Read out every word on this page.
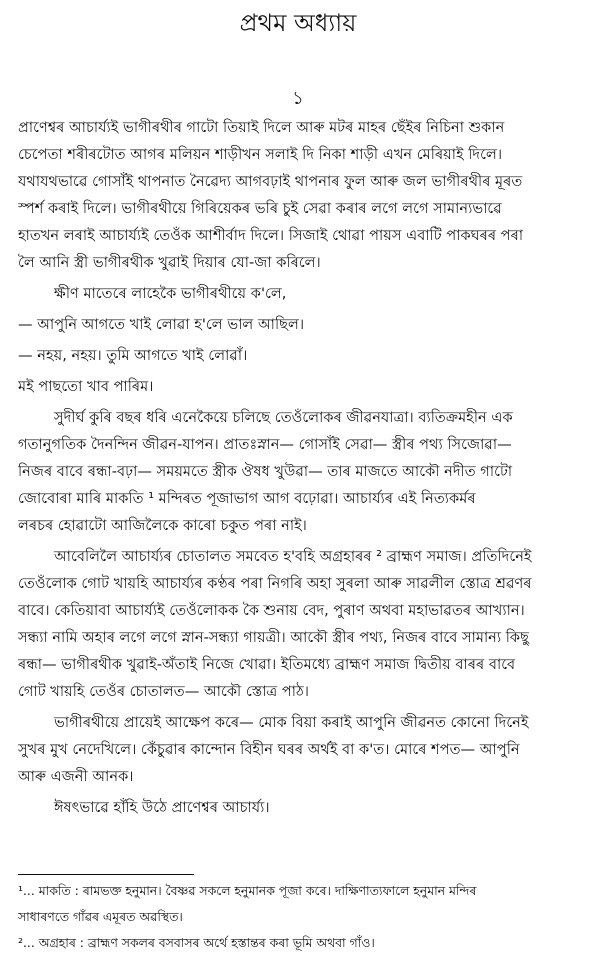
প্ৰথম অধ্যায়
১
প্ৰাণেশ্বৰ আচাৰ্য্যই ভাগীৰথীৰ গাটো তিয়াই দিলে আৰু মটৰ মাহৰ ছেঁইৰ নিচিনা শুকান
চেপেতা শৰীৰটোত আগৰ মলিয়ন শাড়ীখন সলাই দি নিকা শাড়ী এখন মেৰিয়াই দিলে।
যথাযথভাৱে গোসাঁই থাপনাত নৈৱেদ্য আগবঢ়াই থাপনাৰ ফুল আৰু জল ভাগীৰথীৰ মূৰত
স্পৰ্শ কৰাই দিলে। ভাগীৰথীয়ে গিৰিয়েকৰ ভৰি চুই সেৱা কৰাৰ লগে লগে সামান্যভাৱে
হাতখন লৰাই আচাৰ্য্যই তেওঁক আশীৰ্বাদ দিলে। সিজাই থোৱা পায়স এবাটি পাকঘৰৰ পৰা
লৈ আনি স্ত্ৰী ভাগীৰথীক খুৱাই দিয়াৰ যো-জা কৰিলে।
ক্ষীণ মাতেৰে লাহেকৈ ভাগীৰথীয়ে ক'লে,
— আপুনি আগতে খাই লোৱা হ'লে ভাল আছিল।
— নহয়, নহয়। তুমি আগতে খাই লোৱাঁ।
মই পাছতো খাব পাৰিম।
সুদীৰ্ঘ কুৰি বছৰ ধৰি এনেকৈয়ে চলিছে তেওঁলোকৰ জীৱনযাত্ৰা। ব্যতিক্ৰমহীন এক
গতানুগতিক দৈনন্দিন জীৱন-যাপন। প্ৰাতঃস্নান— গোসাঁই সেৱা— স্ত্ৰীৰ পথ্য সিজোৱা—
নিজৰ বাবে ৰন্ধা-বঢ়া— সময়মতে স্ত্ৰীক ঔষধ খুউৱা— তাৰ মাজতে আকৌ নদীত গাটো
জোবোৰা মাৰি মাকতি ¹ মন্দিৰত পূজাভাগ আগ বঢ়োৱা। আচাৰ্য্যৰ এই নিত্যকৰ্মৰ
লৰচৰ হোৱাটো আজিলৈকে কাৰো চকুত পৰা নাই।
আবেলিলৈ আচাৰ্য্যৰ চোতালত সমবেত হ'বহি অগ্ৰহাৰৰ ² ব্ৰাহ্মণ সমাজ। প্ৰতিদিনেই
তেওঁলোক গোট খায়হি আচাৰ্য্যৰ কণ্ঠৰ পৰা নিগৰি অহা সুৰলা আৰু সাৱলীল স্তোত্ৰ শ্ৰৱণৰ
বাবে। কেতিয়াবা আচাৰ্য্যই তেওঁলোকক কৈ শুনায় বেদ, পুৰাণ অথবা মহাভাৱতৰ আখ্যান।
সন্ধ্যা নামি অহাৰ লগে লগে স্নান-সন্ধ্যা গায়ত্ৰী। আকৌ স্ত্ৰীৰ পথ্য, নিজৰ বাবে সামান্য কিছু
ৰন্ধা— ভাগীৰথীক খুৱাই-অঁতাই নিজে খোৱা। ইতিমধ্যে ব্ৰাহ্মণ সমাজ দ্বিতীয় বাৰৰ বাবে
গোট খায়হি তেওঁৰ চোতালত— আকৌ স্তোত্ৰ পাঠ।
ভাগীৰথীয়ে প্ৰায়েই আক্ষেপ কৰে— মোক বিয়া কৰাই আপুনি জীৱনত কোনো দিনেই
সুখৰ মুখ নেদেখিলে। কেঁচুৱাৰ কান্দোন বিহীন ঘৰৰ অৰ্থই বা ক'ত। মোৰে শপত— আপুনি
আৰু এজনী আনক।
ঈষৎভাৱে হাঁহি উঠে প্ৰাণেশ্বৰ আচাৰ্য্য।
¹... মাকতি : ৰামভক্ত হনুমান। বৈষ্ণৱ সকলে হনুমানক পূজা কৰে। দাক্ষিণাত্যফালে হনুমান মন্দিৰ
সাধাৰণতে গাঁৱৰ এমূৰত অৱস্থিত।
²... অগ্ৰহাৰ : ব্ৰাহ্মণ সকলৰ বসবাসৰ অৰ্থে হস্তান্তৰ কৰা ভূমি অথবা গাঁও।
